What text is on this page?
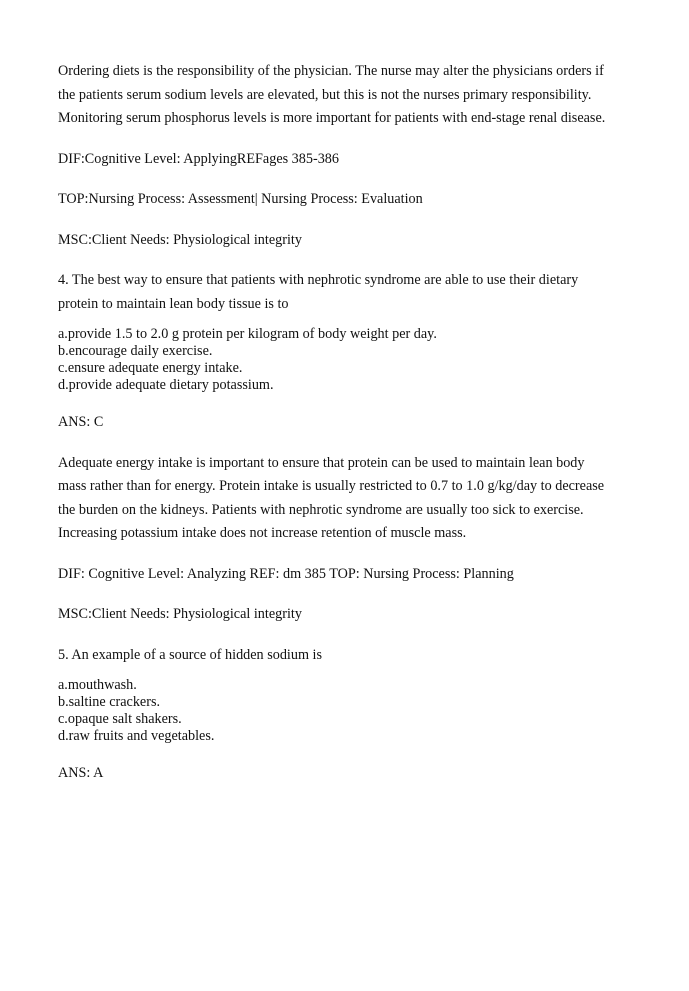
Ordering diets is the responsibility of the physician. The nurse may alter the physicians orders if
the patients serum sodium levels are elevated, but this is not the nurses primary responsibility.
Monitoring serum phosphorus levels is more important for patients with end-stage renal disease.

DIF:Cognitive Level: ApplyingREFages 385-386

TOP:Nursing Process: Assessment| Nursing Process: Evaluation

MSC:Client Needs: Physiological integrity

4. The best way to ensure that patients with nephrotic syndrome are able to use their dietary
protein to maintain lean body tissue is to

a.provide 1.5 to 2.0 g protein per kilogram of body weight per day.
b.encourage daily exercise.
c.ensure adequate energy intake.
d.provide adequate dietary potassium.

ANS: C

Adequate energy intake is important to ensure that protein can be used to maintain lean body
mass rather than for energy. Protein intake is usually restricted to 0.7 to 1.0 g/kg/day to decrease
the burden on the kidneys. Patients with nephrotic syndrome are usually too sick to exercise.
Increasing potassium intake does not increase retention of muscle mass.

DIF: Cognitive Level: Analyzing REF: dm 385 TOP: Nursing Process: Planning

MSC:Client Needs: Physiological integrity

5. An example of a source of hidden sodium is

a.mouthwash.
b.saltine crackers.
c.opaque salt shakers.
d.raw fruits and vegetables.

ANS: A
